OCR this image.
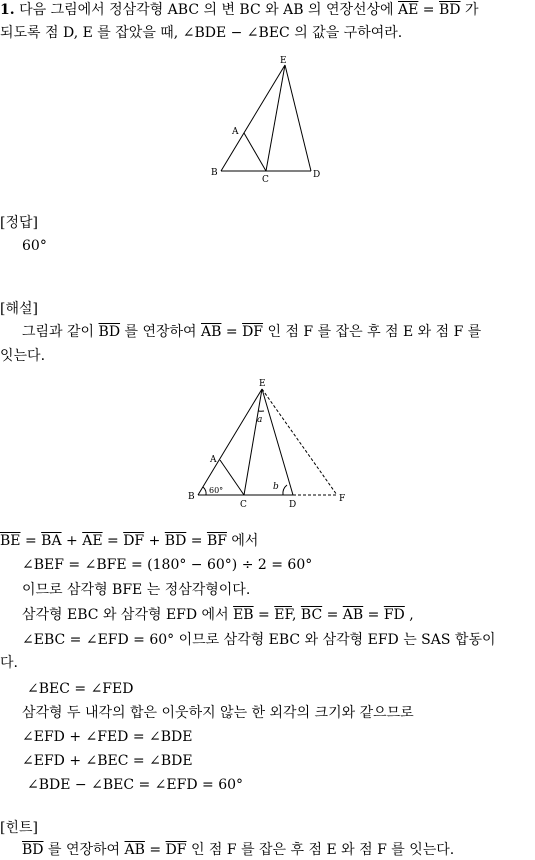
1. 다음 그림에서 정삼각형 ABC 의 변 BC 와 AB 의 연장선상에 $\overline{AE} = \overline{BD}$ 가
되도록 점 D, E 를 잡았을 때, ∠BDE − ∠BEC 의 값을 구하여라.
E
A
B
C	D
[정답]
60°
[해설]
그림과 같이 $\overline{BD}$ 를 연장하여 $\overline{AB} = \overline{DF}$ 인 점 F 를 잡은 후 점 E 와 점 F 를
잇는다.
E
A
B
C	D
F
a
b
60°
$\overline{BE} = \overline{BA} + \overline{AE} = \overline{DF} + \overline{BD} = \overline{BF}$ 에서
∠BEF = ∠BFE = (180° − 60°) ÷ 2 = 60°
이므로 삼각형 BFE 는 정삼각형이다.
삼각형 EBC 와 삼각형 EFD 에서 $\overline{EB} = \overline{EF}$, $\overline{BC} = \overline{AB} = \overline{FD}$ ,
∠EBC = ∠EFD = 60° 이므로 삼각형 EBC 와 삼각형 EFD 는 SAS 합동이
다.
∠BEC = ∠FED
삼각형 두 내각의 합은 이웃하지 않는 한 외각의 크기와 같으므로
∠EFD + ∠FED = ∠BDE
∠EFD + ∠BEC = ∠BDE
∠BDE − ∠BEC = ∠EFD = 60°
[힌트]
$\overline{BD}$ 를 연장하여 $\overline{AB} = \overline{DF}$ 인 점 F 를 잡은 후 점 E 와 점 F 를 잇는다.
